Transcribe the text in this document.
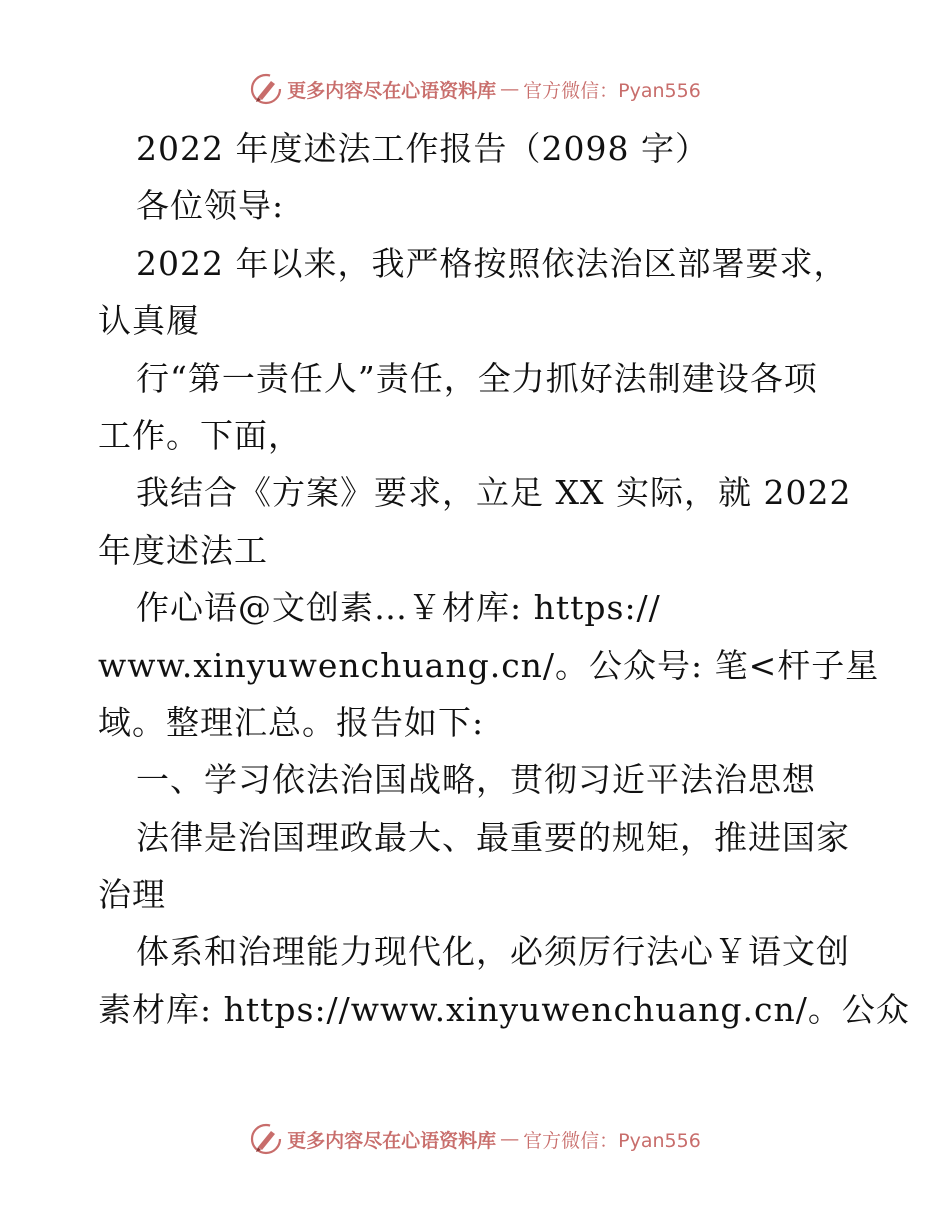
更多内容尽在心语资料库 — 官方微信：Pyan556
2022 年度述法工作报告（2098 字）
各位领导:
2022 年以来，我严格按照依法治区部署要求，
认真履
行“第一责任人”责任，全力抓好法制建设各项
工作。下面，
我结合《方案》要求，立足 XX 实际，就 2022
年度述法工
作心语@文创素…￥材库: https://
www.xinyuwenchuang.cn/。公众号: 笔<杆子星
域。整理汇总。报告如下:
一、学习依法治国战略，贯彻习近平法治思想
法律是治国理政最大、最重要的规矩，推进国家
治理
体系和治理能力现代化，必须厉行法心￥语文创
素材库: https://www.xinyuwenchuang.cn/。公众
更多内容尽在心语资料库 — 官方微信：Pyan556
